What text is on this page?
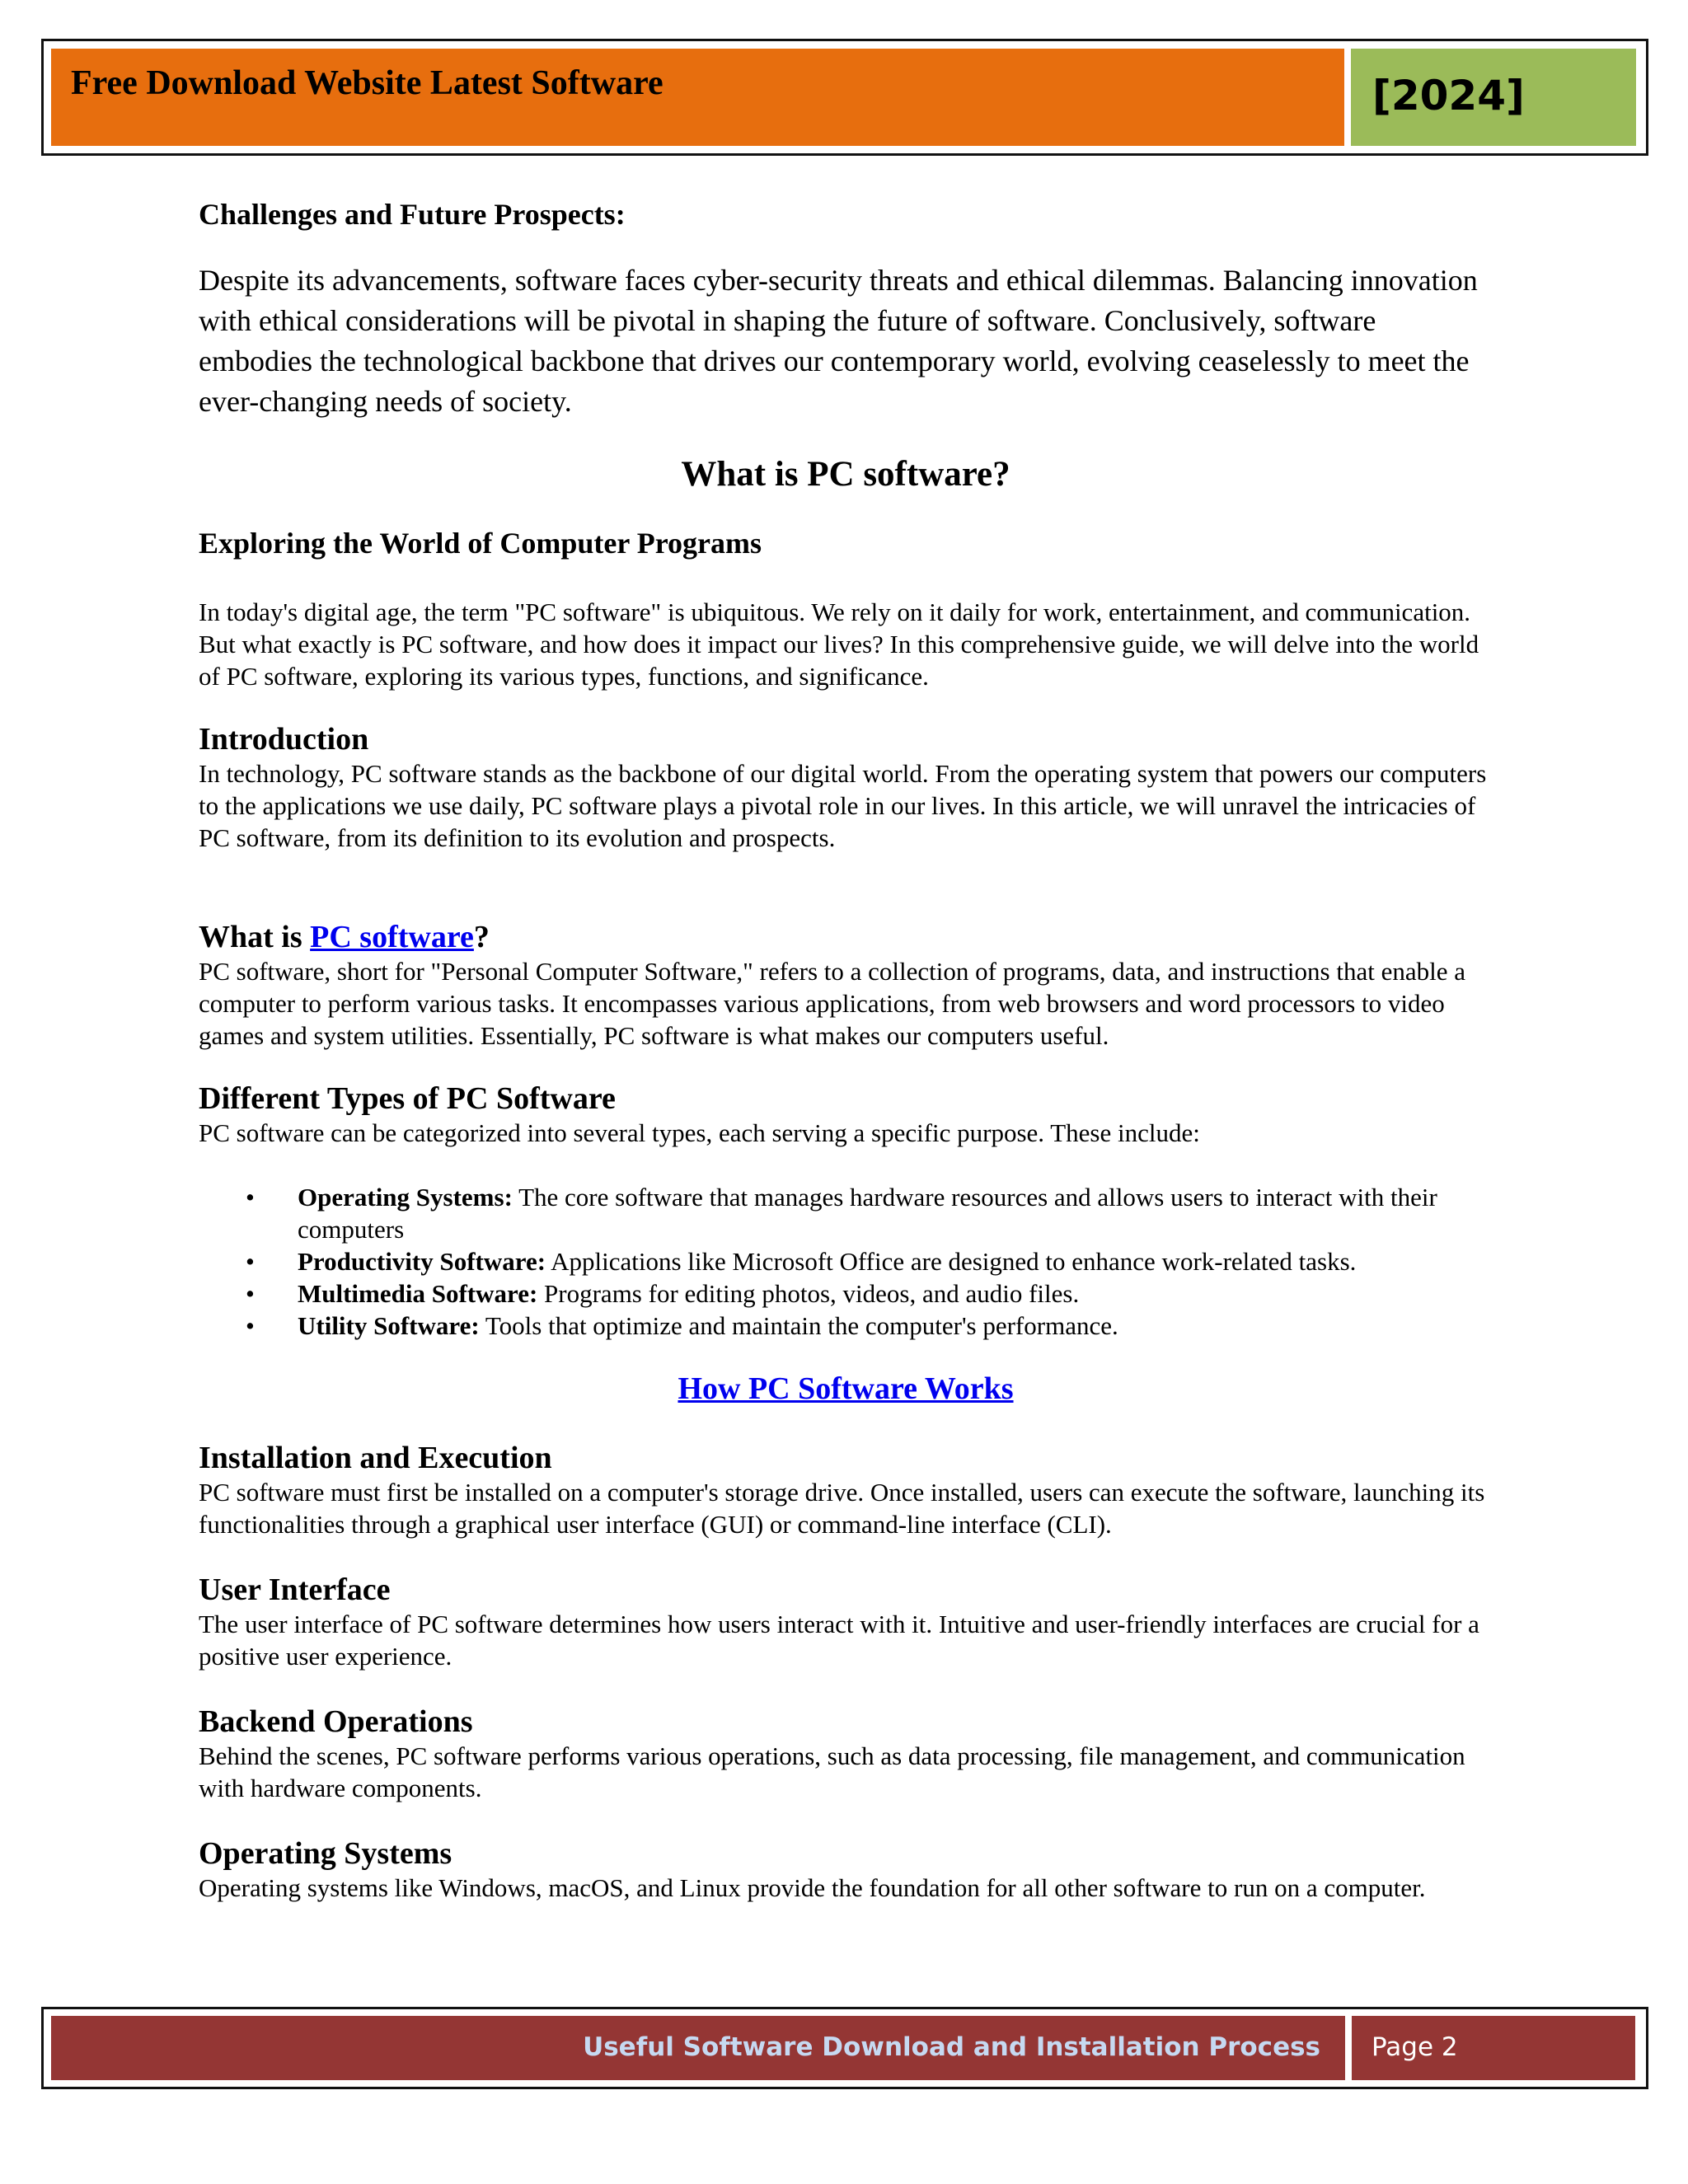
Free Download Website Latest Software	[2024]
Challenges and Future Prospects:

Despite its advancements, software faces cyber-security threats and ethical dilemmas. Balancing innovation with ethical considerations will be pivotal in shaping the future of software. Conclusively, software embodies the technological backbone that drives our contemporary world, evolving ceaselessly to meet the ever-changing needs of society.

What is PC software?
Exploring the World of Computer Programs

In today's digital age, the term "PC software" is ubiquitous. We rely on it daily for work, entertainment, and communication. But what exactly is PC software, and how does it impact our lives? In this comprehensive guide, we will delve into the world of PC software, exploring its various types, functions, and significance.

Introduction

In technology, PC software stands as the backbone of our digital world. From the operating system that powers our computers to the applications we use daily, PC software plays a pivotal role in our lives. In this article, we will unravel the intricacies of PC software, from its definition to its evolution and prospects.

What is PC software?

PC software, short for "Personal Computer Software," refers to a collection of programs, data, and instructions that enable a computer to perform various tasks. It encompasses various applications, from web browsers and word processors to video games and system utilities. Essentially, PC software is what makes our computers useful.

Different Types of PC Software

PC software can be categorized into several types, each serving a specific purpose. These include:

• Operating Systems: The core software that manages hardware resources and allows users to interact with their computers
• Productivity Software: Applications like Microsoft Office are designed to enhance work-related tasks.
• Multimedia Software: Programs for editing photos, videos, and audio files.
• Utility Software: Tools that optimize and maintain the computer's performance.
How PC Software Works
Installation and Execution

PC software must first be installed on a computer's storage drive. Once installed, users can execute the software, launching its functionalities through a graphical user interface (GUI) or command-line interface (CLI).

User Interface

The user interface of PC software determines how users interact with it. Intuitive and user-friendly interfaces are crucial for a positive user experience.

Backend Operations

Behind the scenes, PC software performs various operations, such as data processing, file management, and communication with hardware components.

Operating Systems

Operating systems like Windows, macOS, and Linux provide the foundation for all other software to run on a computer.

Useful Software Download and Installation Process Page 2
